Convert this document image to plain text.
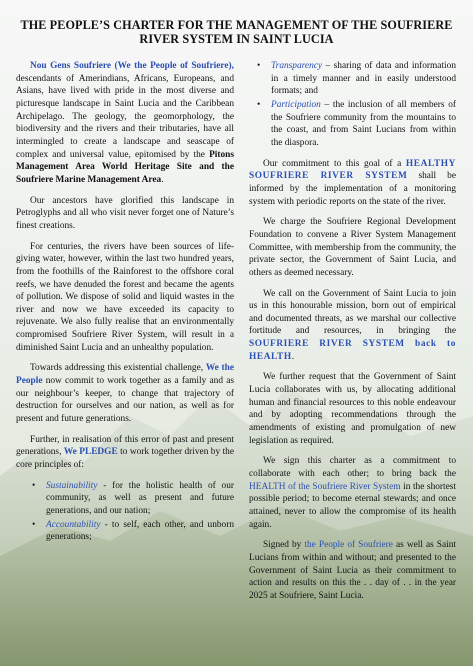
THE PEOPLE’S CHARTER FOR THE MANAGEMENT OF THE SOUFRIERE
RIVER SYSTEM IN SAINT LUCIA

Nou Gens Soufriere (We the People of Soufriere), descendants of Amerindians, Africans, Europeans, and Asians, have lived with pride in the most diverse and picturesque landscape in Saint Lucia and the Caribbean Archipelago. The geology, the geomorphology, the biodiversity and the rivers and their tributaries, have all intermingled to create a landscape and seascape of complex and universal value, epitomised by the Pitons Management Area World Heritage Site and the Soufriere Marine Management Area.

Our ancestors have glorified this landscape in Petroglyphs and all who visit never forget one of Nature’s finest creations.

For centuries, the rivers have been sources of life- giving water, however, within the last two hundred years, from the foothills of the Rainforest to the offshore coral reefs, we have denuded the forest and became the agents of pollution. We dispose of solid and liquid wastes in the river and now we have exceeded its capacity to rejuvenate. We also fully realise that an environmentally compromised Soufriere River System, will result in a diminished Saint Lucia and an unhealthy population.

Towards addressing this existential challenge, We the People now commit to work together as a family and as our neighbour’s keeper, to change that trajectory of destruction for ourselves and our nation, as well as for present and future generations.

Further, in realisation of this error of past and present generations, We PLEDGE to work together driven by the core principles of:

• Sustainability - for the holistic health of our community, as well as present and future generations, and our nation;
• Accountability - to self, each other, and unborn generations;
• Transparency – sharing of data and information in a timely manner and in easily understood formats; and
• Participation – the inclusion of all members of the Soufriere community from the mountains to the coast, and from Saint Lucians from within the diaspora.

Our commitment to this goal of a HEALTHY SOUFRIERE RIVER SYSTEM shall be informed by the implementation of a monitoring system with periodic reports on the state of the river.

We charge the Soufriere Regional Development Foundation to convene a River System Management Committee, with membership from the community, the private sector, the Government of Saint Lucia, and others as deemed necessary.

We call on the Government of Saint Lucia to join us in this honourable mission, born out of empirical and documented threats, as we marshal our collective fortitude and resources, in bringing the SOUFRIERE RIVER SYSTEM back to HEALTH.

We further request that the Government of Saint Lucia collaborates with us, by allocating additional human and financial resources to this noble endeavour and by adopting recommendations through the amendments of existing and promulgation of new legislation as required.

We sign this charter as a commitment to collaborate with each other; to bring back the HEALTH of the Soufriere River System in the shortest possible period; to become eternal stewards; and once attained, never to allow the compromise of its health again.

Signed by the People of Soufriere as well as Saint Lucians from within and without; and presented to the Government of Saint Lucia as their commitment to action and results on this the . . day of . . in the year 2025 at Soufriere, Saint Lucia.
